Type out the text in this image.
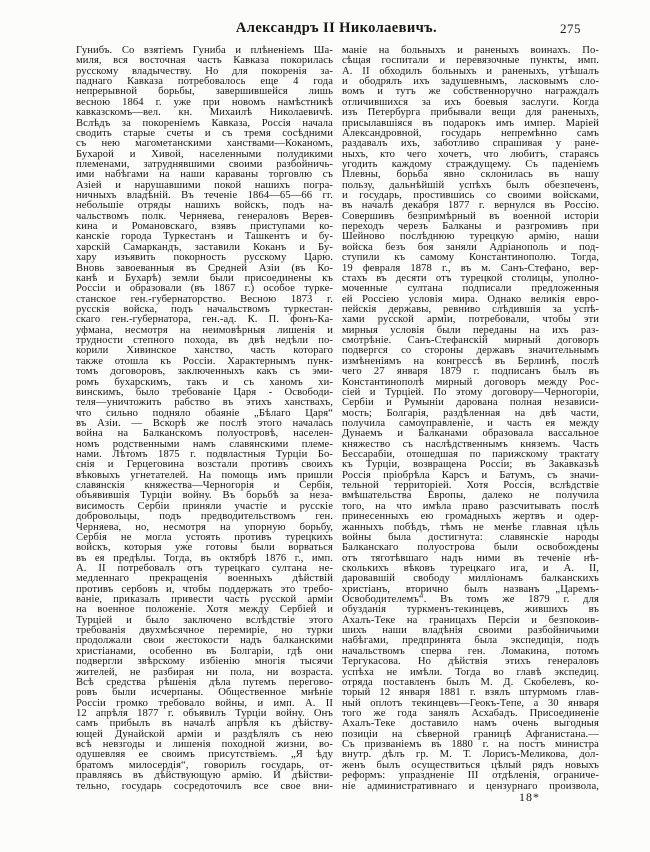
Александръ II Николаевичъ.	275
Гунибъ. Со взятіемъ Гуниба и плѣненіемъ Ша-
миля, вся восточная часть Кавказа покорилась
русскому владычеству. Но для покоренія за-
паднаго Кавказа потребовалось еще 4 года
непрерывной борьбы, завершившейся лишь
весною 1864 г. уже при новомъ намѣстникѣ
кавказскомъ—вел. кн. Михаилѣ Николаевичѣ.
Вслѣдъ за покореніемъ Кавказа, Россія начала
сводить старые счеты и съ тремя сосѣдними
съ нею магометанскими ханствами—Коканомъ,
Бухарой и Хивой, населенными полудикими
племенами, затруднявшими своими разбойничь-
ими набѣгами на наши караваны торговлю съ
Азіей и нарушавшими покой нашихъ погра-
ничныхъ владѣній. Въ теченіе 1864—65—66 гг.
небольшіе отряды нашихъ войскъ, подъ на-
чальствомъ полк. Черняева, генераловъ Верев-
кина и Романовскаго, взявъ приступами ко-
канскіе города Туркестанъ и Ташкентъ и бу-
харскій Самаркандъ, заставили Коканъ и Бу-
хару изъявить покорность русскому Царю.
Вновь завоеванныя въ Средней Азіи (въ Ко-
канѣ и Бухарѣ) земли были присоединены къ
Россіи и образовали (въ 1867 г.) особое турке-
станское ген.-губернаторство. Весною 1873 г.
русскія войска, подъ начальствомъ туркестан-
скаго ген.-губернатора, ген.-ад. К. П. фонъ-Ка-
уфмана, несмотря на неимовѣрныя лишенія и
трудности степного похода, въ двѣ недѣли по-
корили Хивинское ханство, часть котораго
также отошла къ Россіи. Характернымъ пунк-
томъ договоровъ, заключенныхъ какъ съ эми-
ромъ бухарскимъ, такъ и съ ханомъ хи-
винскимъ, было требованіе Царя - Освободи-
теля—уничтожить рабство въ этихъ ханствахъ,
что сильно подняло обаяніе „Бѣлаго Царя“
въ Азіи. — Вскорѣ же послѣ этого началась
война на Балканскомъ полуостровѣ, населен-
номъ родственными намъ славянскими племе-
нами. Лѣтомъ 1875 г. подвластныя Турціи Бо-
снія и Герцеговина возстали противъ своихъ
вѣковыхъ угнетателей. На помощь имъ пришли
славянскія княжества—Черногорія и Сербія,
объявившія Турціи войну. Въ борьбѣ за неза-
висимость Сербіи приняли участіе и русскіе
добровольцы, подъ предводительствомъ ген.
Черняева, но, несмотря на упорную борьбу,
Сербія не могла устоять противъ турецкихъ
войскъ, которыя уже готовы были ворваться
въ ея предѣлы. Тогда, въ октябрѣ 1876 г., имп.
А. II потребовалъ отъ турецкаго султана не-
медленнаго прекращенія военныхъ дѣйствій
противъ сербовъ и, чтобы поддержать это требо-
ваніе, приказалъ привести часть русской арміи
на военное положеніе. Хотя между Сербіей и
Турціей и было заключено вслѣдствіе этого
требованія двухмѣсячное перемиріе, но турки
продолжали свои жестокости надъ балканскими
христіанами, особенно въ Болгаріи, гдѣ они
подвергли звѣрскому избіенію многія тысячи
жителей, не разбирая ни пола, ни возраста.
Всѣ средства рѣшенія дѣла путемъ перегово-
ровъ были исчерпаны. Общественное мнѣніе
Россіи громко требовало войны, и имп. А. II
12 апрѣля 1877 г. объявилъ Турціи войну. Онъ
самъ прибылъ въ началѣ апрѣля къ дѣйству-
ющей Дунайской арміи и раздѣлялъ съ нею
всѣ невзгоды и лишенія походной жизни, во-
одушевляя ее своимъ присутствіемъ. „Я ѣду
братомъ милосердія“, говорилъ государь, от-
правляясь въ дѣйствующую армію. И дѣйстви-
тельно, государь сосредоточилъ все свое вни-
маніе на больныхъ и раненыхъ воинахъ. По-
сѣщая госпитали и перевязочные пункты, имп.
А. II обходилъ больныхъ и раненыхъ, утѣшалъ
и ободрялъ ихъ задушевнымъ, ласковымъ сло-
вомъ и тутъ же собственноручно награждалъ
отличившихся за ихъ боевыя заслуги. Когда
изъ Петербурга прибывали вещи для раненыхъ,
присылавшіяся въ подарокъ имъ импер. Маріей
Александровной, государь непремѣнно самъ
раздавалъ ихъ, заботливо спрашивая у ране-
ныхъ, кто чего хочетъ, что любитъ, стараясь
угодить каждому страждущему. Съ паденіемъ
Плевны, борьба явно склонилась въ нашу
пользу, дальнѣйшій успѣхъ былъ обезпеченъ,
и государь, простившись со своими войсками,
въ началѣ декабря 1877 г. вернулся въ Россію.
Совершивъ безпримѣрный въ военной исторіи
переходъ черезъ Балканы и разгромивъ при
Шейново послѣднюю турецкую армію, наши
войска безъ боя заняли Адріанополь и под-
ступили къ самому Константинополю. Тогда,
19 февраля 1878 г., въ м. Санъ-Стефано, вер-
стахъ въ десяти отъ турецкой столицы, уполно-
моченные султана подписали предложенныя
ей Россіею условія мира. Однако великія евро-
пейскія державы, ревниво слѣдившія за успѣ-
хами русской арміи, потребовали, чтобы эти
мирныя условія были переданы на ихъ раз-
смотрѣніе. Санъ-Стефанскій мирный договоръ
подвергся со стороны державъ значительнымъ
измѣненіямъ на конгрессѣ въ Берлинѣ, послѣ
чего 27 января 1879 г. подписанъ былъ въ
Константинополѣ мирный договоръ между Рос-
сіей и Турціей. По этому договору—Черногоріи,
Сербіи и Румыніи дарована полная независи-
мость; Болгарія, раздѣленная на двѣ части,
получила самоуправленіе, и часть ея между
Дунаемъ и Балканами образовала вассальное
княжество съ наслѣдственнымъ княземъ. Часть
Бессарабіи, отошедшая по парижскому трактату
къ Турціи, возвращена Россіи; въ Закавказьѣ
Россія пріобрѣла Карсъ и Батумъ, съ значи-
тельной территоріей. Хотя Россія, вслѣдствіе
вмѣшательства Европы, далеко не получила
того, на что имѣла право разсчитывать послѣ
принесенныхъ ею громадныхъ жертвъ и одер-
жанныхъ побѣдъ, тѣмъ не менѣе главная цѣль
войны была достигнута: славянскіе народы
Балканскаго полуострова были освобождены
отъ тяготѣвшаго надъ ними въ теченіе нѣ-
сколькихъ вѣковъ турецкаго ига, и А. II,
даровавшій свободу милліонамъ балканскихъ
христіанъ, вторично былъ названъ „Царемъ-
Освободителемъ“. Въ томъ же 1879 г. для
обузданія туркменъ-текинцевъ, жившихъ въ
Ахалъ-Теке на границахъ Персіи и безпокоив-
шихъ наши владѣнія своими разбойничьими
набѣгами, предпринята была экспедиція, подъ
начальствомъ сперва ген. Ломакина, потомъ
Тергукасова. Но дѣйствія этихъ генераловъ
успѣха не имѣли. Тогда во главѣ экспедиц.
отряда поставленъ былъ М. Д. Скобелевъ, ко-
торый 12 января 1881 г. взялъ штурмомъ глав-
ный оплотъ текинцевъ—Геокъ-Тепе, а 30 января
того же года занялъ Асхабадъ. Присоединеніе
Ахалъ-Теке доставило намъ очень выгодныя
позиціи на сѣверной границѣ Афганистана.—
Съ призваніемъ въ 1880 г. на постъ министра
внутр. дѣлъ гр. М. Т. Лорисъ-Меликова, дол-
женъ былъ осуществиться цѣлый рядъ новыхъ
реформъ: упраздненіе III отдѣленія, ограниче-
ніе административнаго и цензурнаго произвола,
18*
